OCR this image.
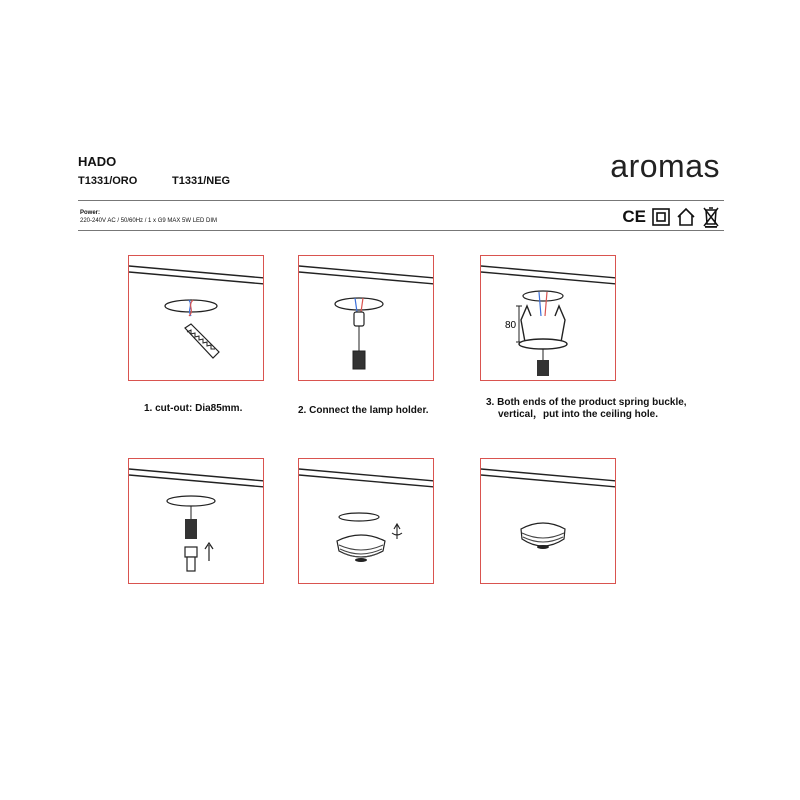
HADO
T1331/ORO	T1331/NEG	aromas
Power:
220-240V AC / 50/60Hz / 1 x G9 MAX 5W LED DIM	CE
80
1. cut-out: Dia85mm.	2. Connect the lamp holder.
3. Both ends of the product spring buckle,
vertical，put into the ceiling hole.
